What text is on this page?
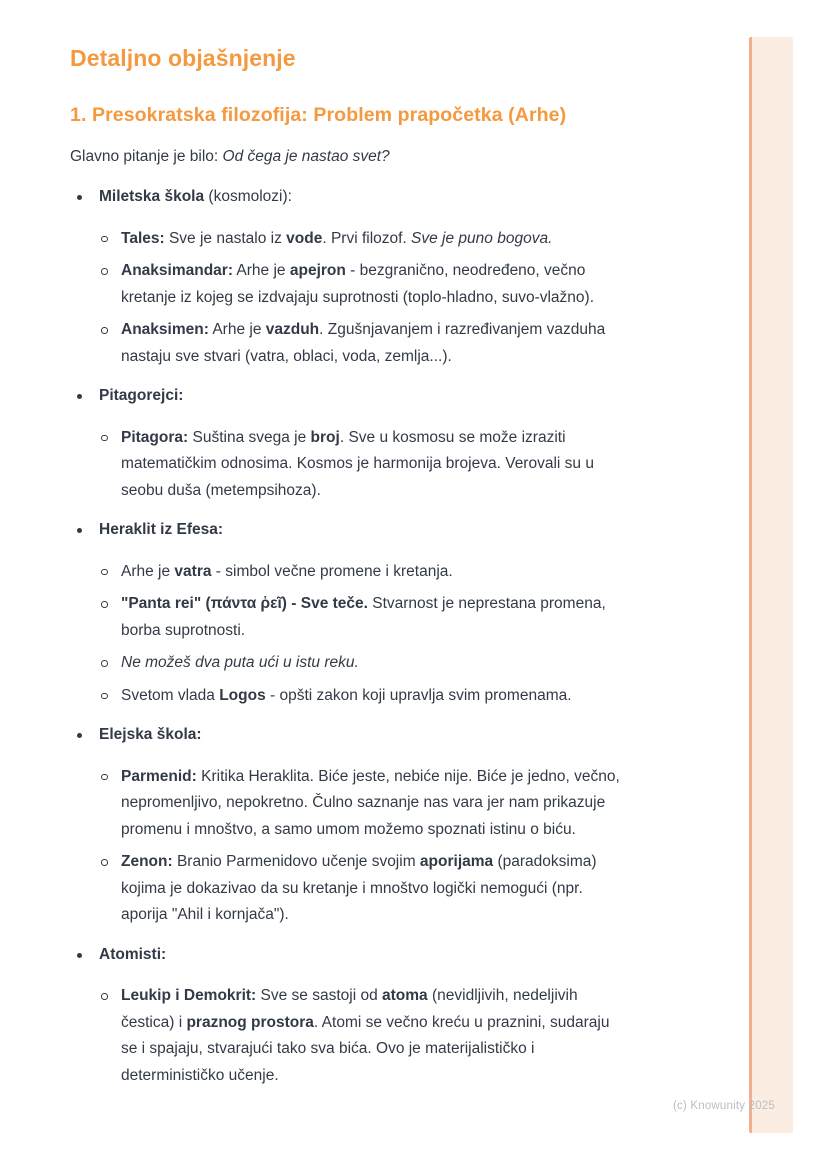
Detaljno objašnjenje
1. Presokratska filozofija: Problem prapočetka (Arhe)

Glavno pitanje je bilo: Od čega je nastao svet?

Miletska škola (kosmolozi):
Tales: Sve je nastalo iz vode. Prvi filozof. Sve je puno bogova.
Anaksimandar: Arhe je apejron - bezgranično, neodređeno, večno
kretanje iz kojeg se izdvajaju suprotnosti (toplo-hladno, suvo-vlažno).
Anaksimen: Arhe je vazduh. Zgušnjavanjem i razređivanjem vazduha
nastaju sve stvari (vatra, oblaci, voda, zemlja...).
Pitagorejci:
Pitagora: Suština svega je broj. Sve u kosmosu se može izraziti
matematičkim odnosima. Kosmos je harmonija brojeva. Verovali su u
seobu duša (metempsihoza).
Heraklit iz Efesa:
Arhe je vatra - simbol večne promene i kretanja.
"Panta rei" (πάντα ῥεῖ) - Sve teče. Stvarnost je neprestana promena,
borba suprotnosti.
Ne možeš dva puta ući u istu reku.
Svetom vlada Logos - opšti zakon koji upravlja svim promenama.
Elejska škola:
Parmenid: Kritika Heraklita. Biće jeste, nebiće nije. Biće je jedno, večno,
nepromenljivo, nepokretno. Čulno saznanje nas vara jer nam prikazuje
promenu i mnoštvo, a samo umom možemo spoznati istinu o biću.
Zenon: Branio Parmenidovo učenje svojim aporijama (paradoksima)
kojima je dokazivao da su kretanje i mnoštvo logički nemogući (npr.
aporija "Ahil i kornjača").
Atomisti:
Leukip i Demokrit: Sve se sastoji od atoma (nevidljivih, nedeljivih
čestica) i praznog prostora. Atomi se večno kreću u praznini, sudaraju
se i spajaju, stvarajući tako sva bića. Ovo je materijalističko i
determinističko učenje.
(c) Knowunity 2025
